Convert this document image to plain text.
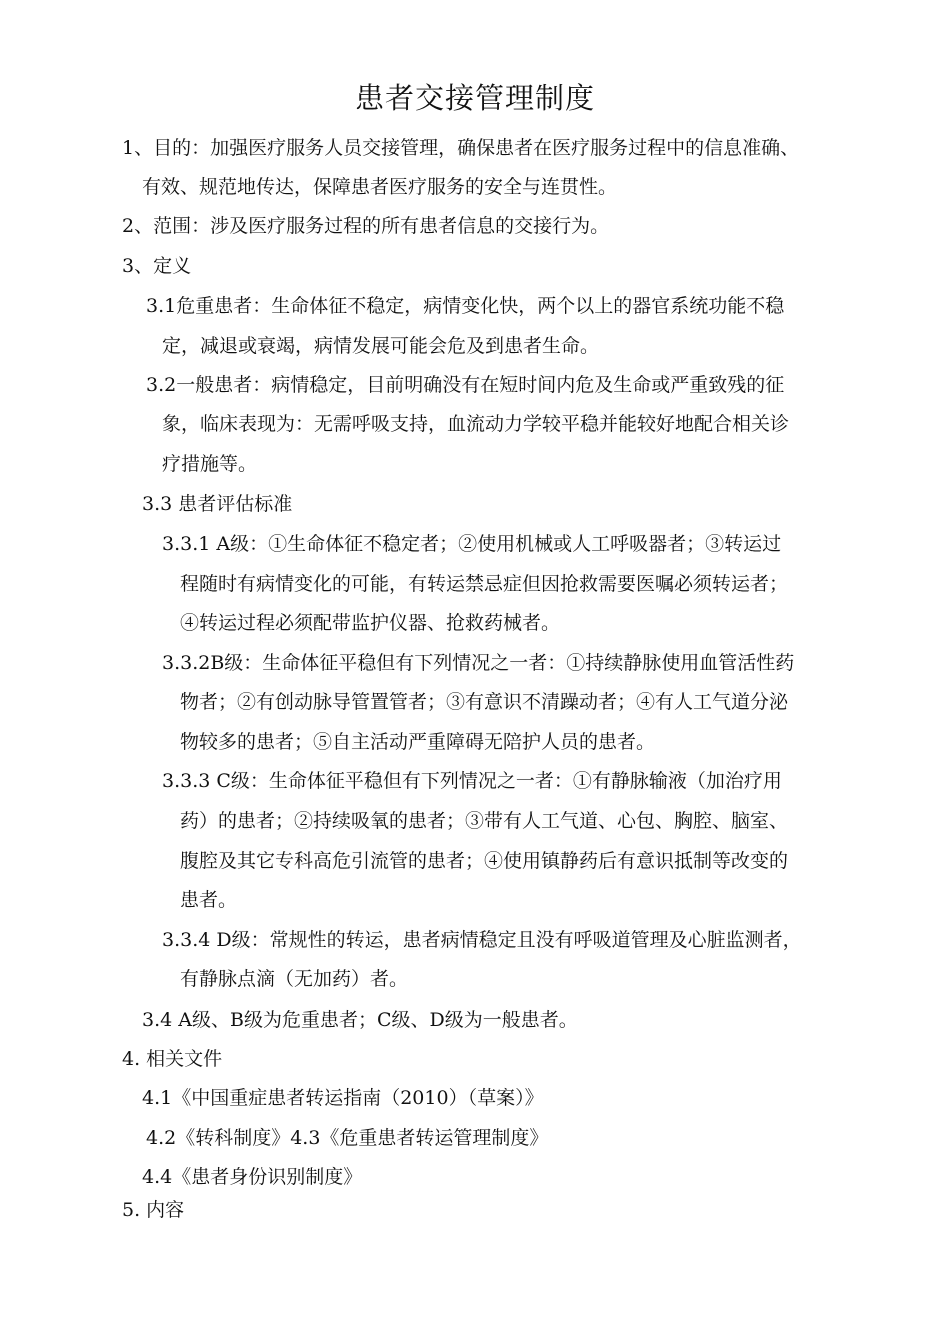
患者交接管理制度
1、目的：加强医疗服务人员交接管理，确保患者在医疗服务过程中的信息准确、
有效、规范地传达，保障患者医疗服务的安全与连贯性。
2、范围：涉及医疗服务过程的所有患者信息的交接行为。
3、定义
3.1危重患者：生命体征不稳定，病情变化快，两个以上的器官系统功能不稳
定，减退或衰竭，病情发展可能会危及到患者生命。
3.2一般患者：病情稳定，目前明确没有在短时间内危及生命或严重致残的征
象，临床表现为：无需呼吸支持，血流动力学较平稳并能较好地配合相关诊
疗措施等。
3.3 患者评估标准
3.3.1 A级：①生命体征不稳定者；②使用机械或人工呼吸器者；③转运过
程随时有病情变化的可能，有转运禁忌症但因抢救需要医嘱必须转运者；
④转运过程必须配带监护仪器、抢救药械者。
3.3.2B级：生命体征平稳但有下列情况之一者：①持续静脉使用血管活性药
物者；②有创动脉导管置管者；③有意识不清躁动者；④有人工气道分泌
物较多的患者；⑤自主活动严重障碍无陪护人员的患者。
3.3.3 C级：生命体征平稳但有下列情况之一者：①有静脉输液（加治疗用
药）的患者；②持续吸氧的患者；③带有人工气道、心包、胸腔、脑室、
腹腔及其它专科高危引流管的患者；④使用镇静药后有意识抵制等改变的
患者。
3.3.4 D级：常规性的转运，患者病情稳定且没有呼吸道管理及心脏监测者，
有静脉点滴（无加药）者。
3.4 A级、B级为危重患者；C级、D级为一般患者。
4. 相关文件
4.1《中国重症患者转运指南（2010）（草案）》
4.2《转科制度》4.3《危重患者转运管理制度》
4.4《患者身份识别制度》
5. 内容
